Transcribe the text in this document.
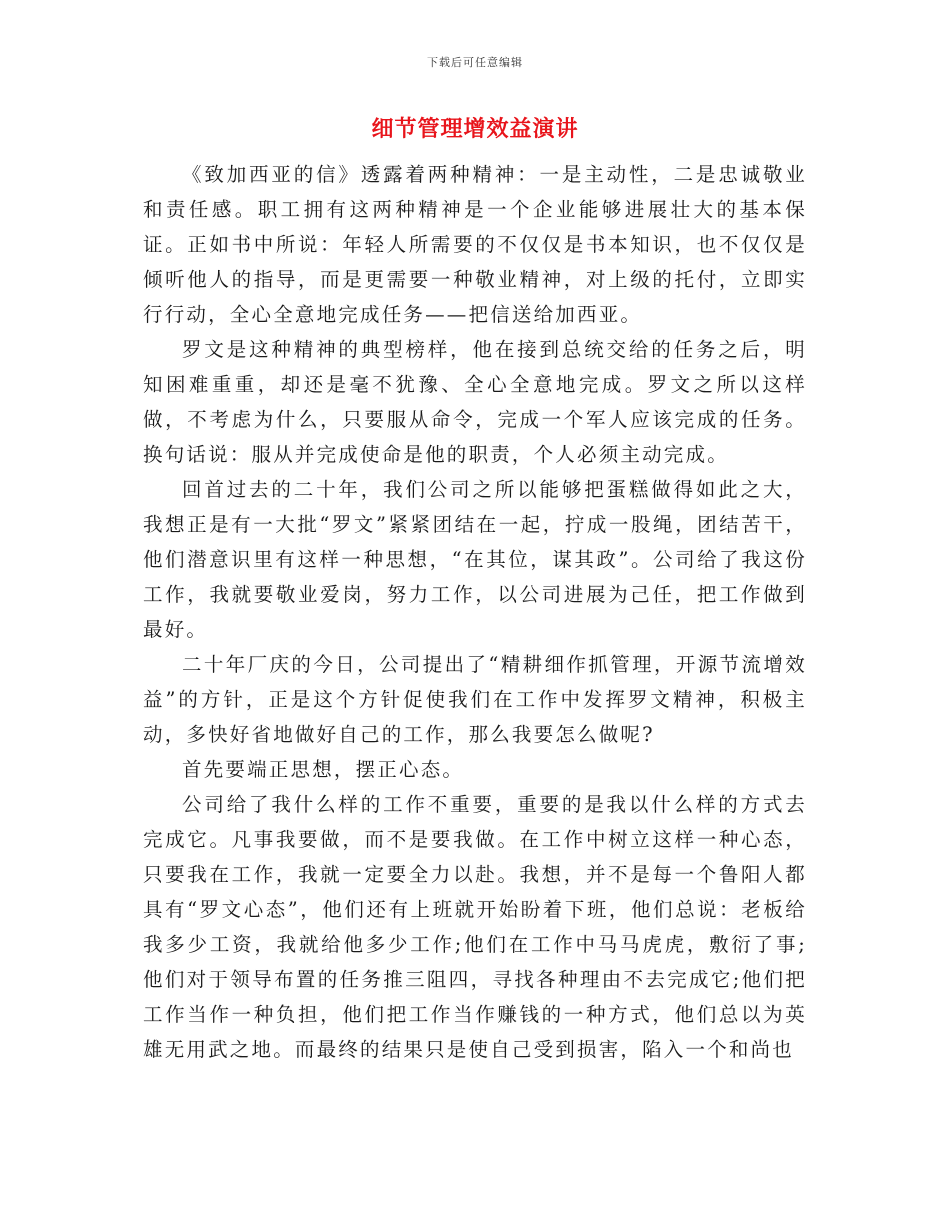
下载后可任意编辑
细节管理增效益演讲

《致加西亚的信》透露着两种精神：一是主动性，二是忠诚敬业和责任感。职工拥有这两种精神是一个企业能够进展壮大的基本保证。正如书中所说：年轻人所需要的不仅仅是书本知识，也不仅仅是倾听他人的指导，而是更需要一种敬业精神，对上级的托付，立即实行行动，全心全意地完成任务——把信送给加西亚。

罗文是这种精神的典型榜样，他在接到总统交给的任务之后，明知困难重重，却还是毫不犹豫、全心全意地完成。罗文之所以这样做，不考虑为什么，只要服从命令，完成一个军人应该完成的任务。换句话说：服从并完成使命是他的职责，个人必须主动完成。

回首过去的二十年，我们公司之所以能够把蛋糕做得如此之大，我想正是有一大批“罗文”紧紧团结在一起，拧成一股绳，团结苦干，他们潜意识里有这样一种思想，“在其位，谋其政”。公司给了我这份工作，我就要敬业爱岗，努力工作，以公司进展为己任，把工作做到最好。

二十年厂庆的今日，公司提出了“精耕细作抓管理，开源节流增效益”的方针，正是这个方针促使我们在工作中发挥罗文精神，积极主动，多快好省地做好自己的工作，那么我要怎么做呢?

首先要端正思想，摆正心态。

公司给了我什么样的工作不重要，重要的是我以什么样的方式去完成它。凡事我要做，而不是要我做。在工作中树立这样一种心态，只要我在工作，我就一定要全力以赴。我想，并不是每一个鲁阳人都具有“罗文心态”，他们还有上班就开始盼着下班，他们总说：老板给我多少工资，我就给他多少工作;他们在工作中马马虎虎，敷衍了事;他们对于领导布置的任务推三阻四，寻找各种理由不去完成它;他们把工作当作一种负担，他们把工作当作赚钱的一种方式，他们总以为英雄无用武之地。而最终的结果只是使自己受到损害，陷入一个和尚也
